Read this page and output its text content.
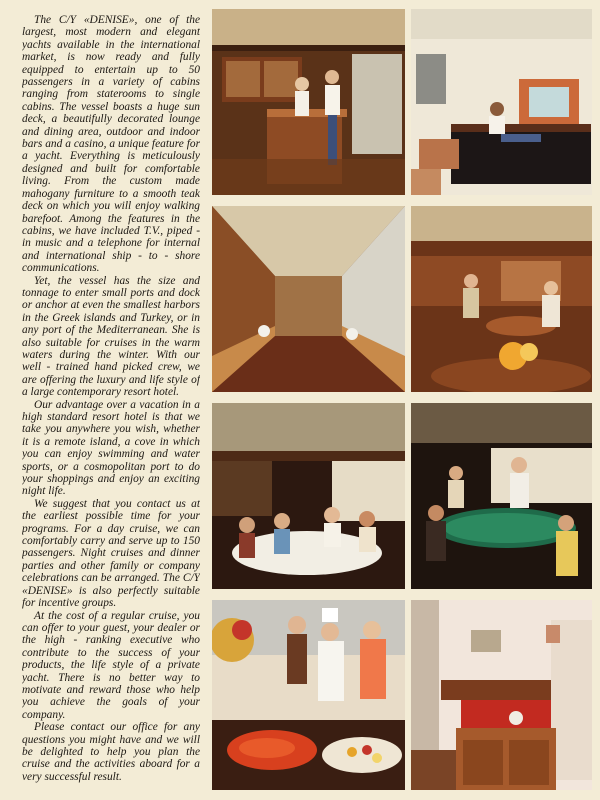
The C/Y «DENISE», one of the largest, most modern and elegant yachts available in the international market, is now ready and fully equipped to entertain up to 50 passengers in a variety of cabins ranging from staterooms to single cabins. The vessel boasts a huge sun deck, a beautifully decorated lounge and dining area, outdoor and indoor bars and a casino, a unique feature for a yacht. Everything is meticulously designed and built for comfortable living. From the custom made mahogany furniture to a smooth teak deck on which you will enjoy walking barefoot. Among the features in the cabins, we have included T.V., piped - in music and a telephone for internal and international ship - to - shore communications.

Yet, the vessel has the size and tonnage to enter small ports and dock or anchor at even the smallest harbors in the Greek islands and Turkey, or in any port of the Mediterranean. She is also suitable for cruises in the warm waters during the winter. With our well - trained hand picked crew, we are offering the luxury and life style of a large contemporary resort hotel.

Our advantage over a vacation in a high standard resort hotel is that we take you anywhere you wish, whether it is a remote island, a cove in which you can enjoy swimming and water sports, or a cosmopolitan port to do your shoppings and enjoy an exciting night life.

We suggest that you contact us at the earliest possible time for your programs. For a day cruise, we can comfortably carry and serve up to 150 passengers. Night cruises and dinner parties and other family or company celebrations can be arranged. The C/Y «DENISE» is also perfectly suitable for incentive groups.

At the cost of a regular cruise, you can offer to your guest, your dealer or the high - ranking executive who contribute to the success of your products, the life style of a private yacht. There is no better way to motivate and reward those who help you achieve the goals of your company.

Please contact our office for any questions you might have and we will be delighted to help you plan the cruise and the activities aboard for a very successful result.
